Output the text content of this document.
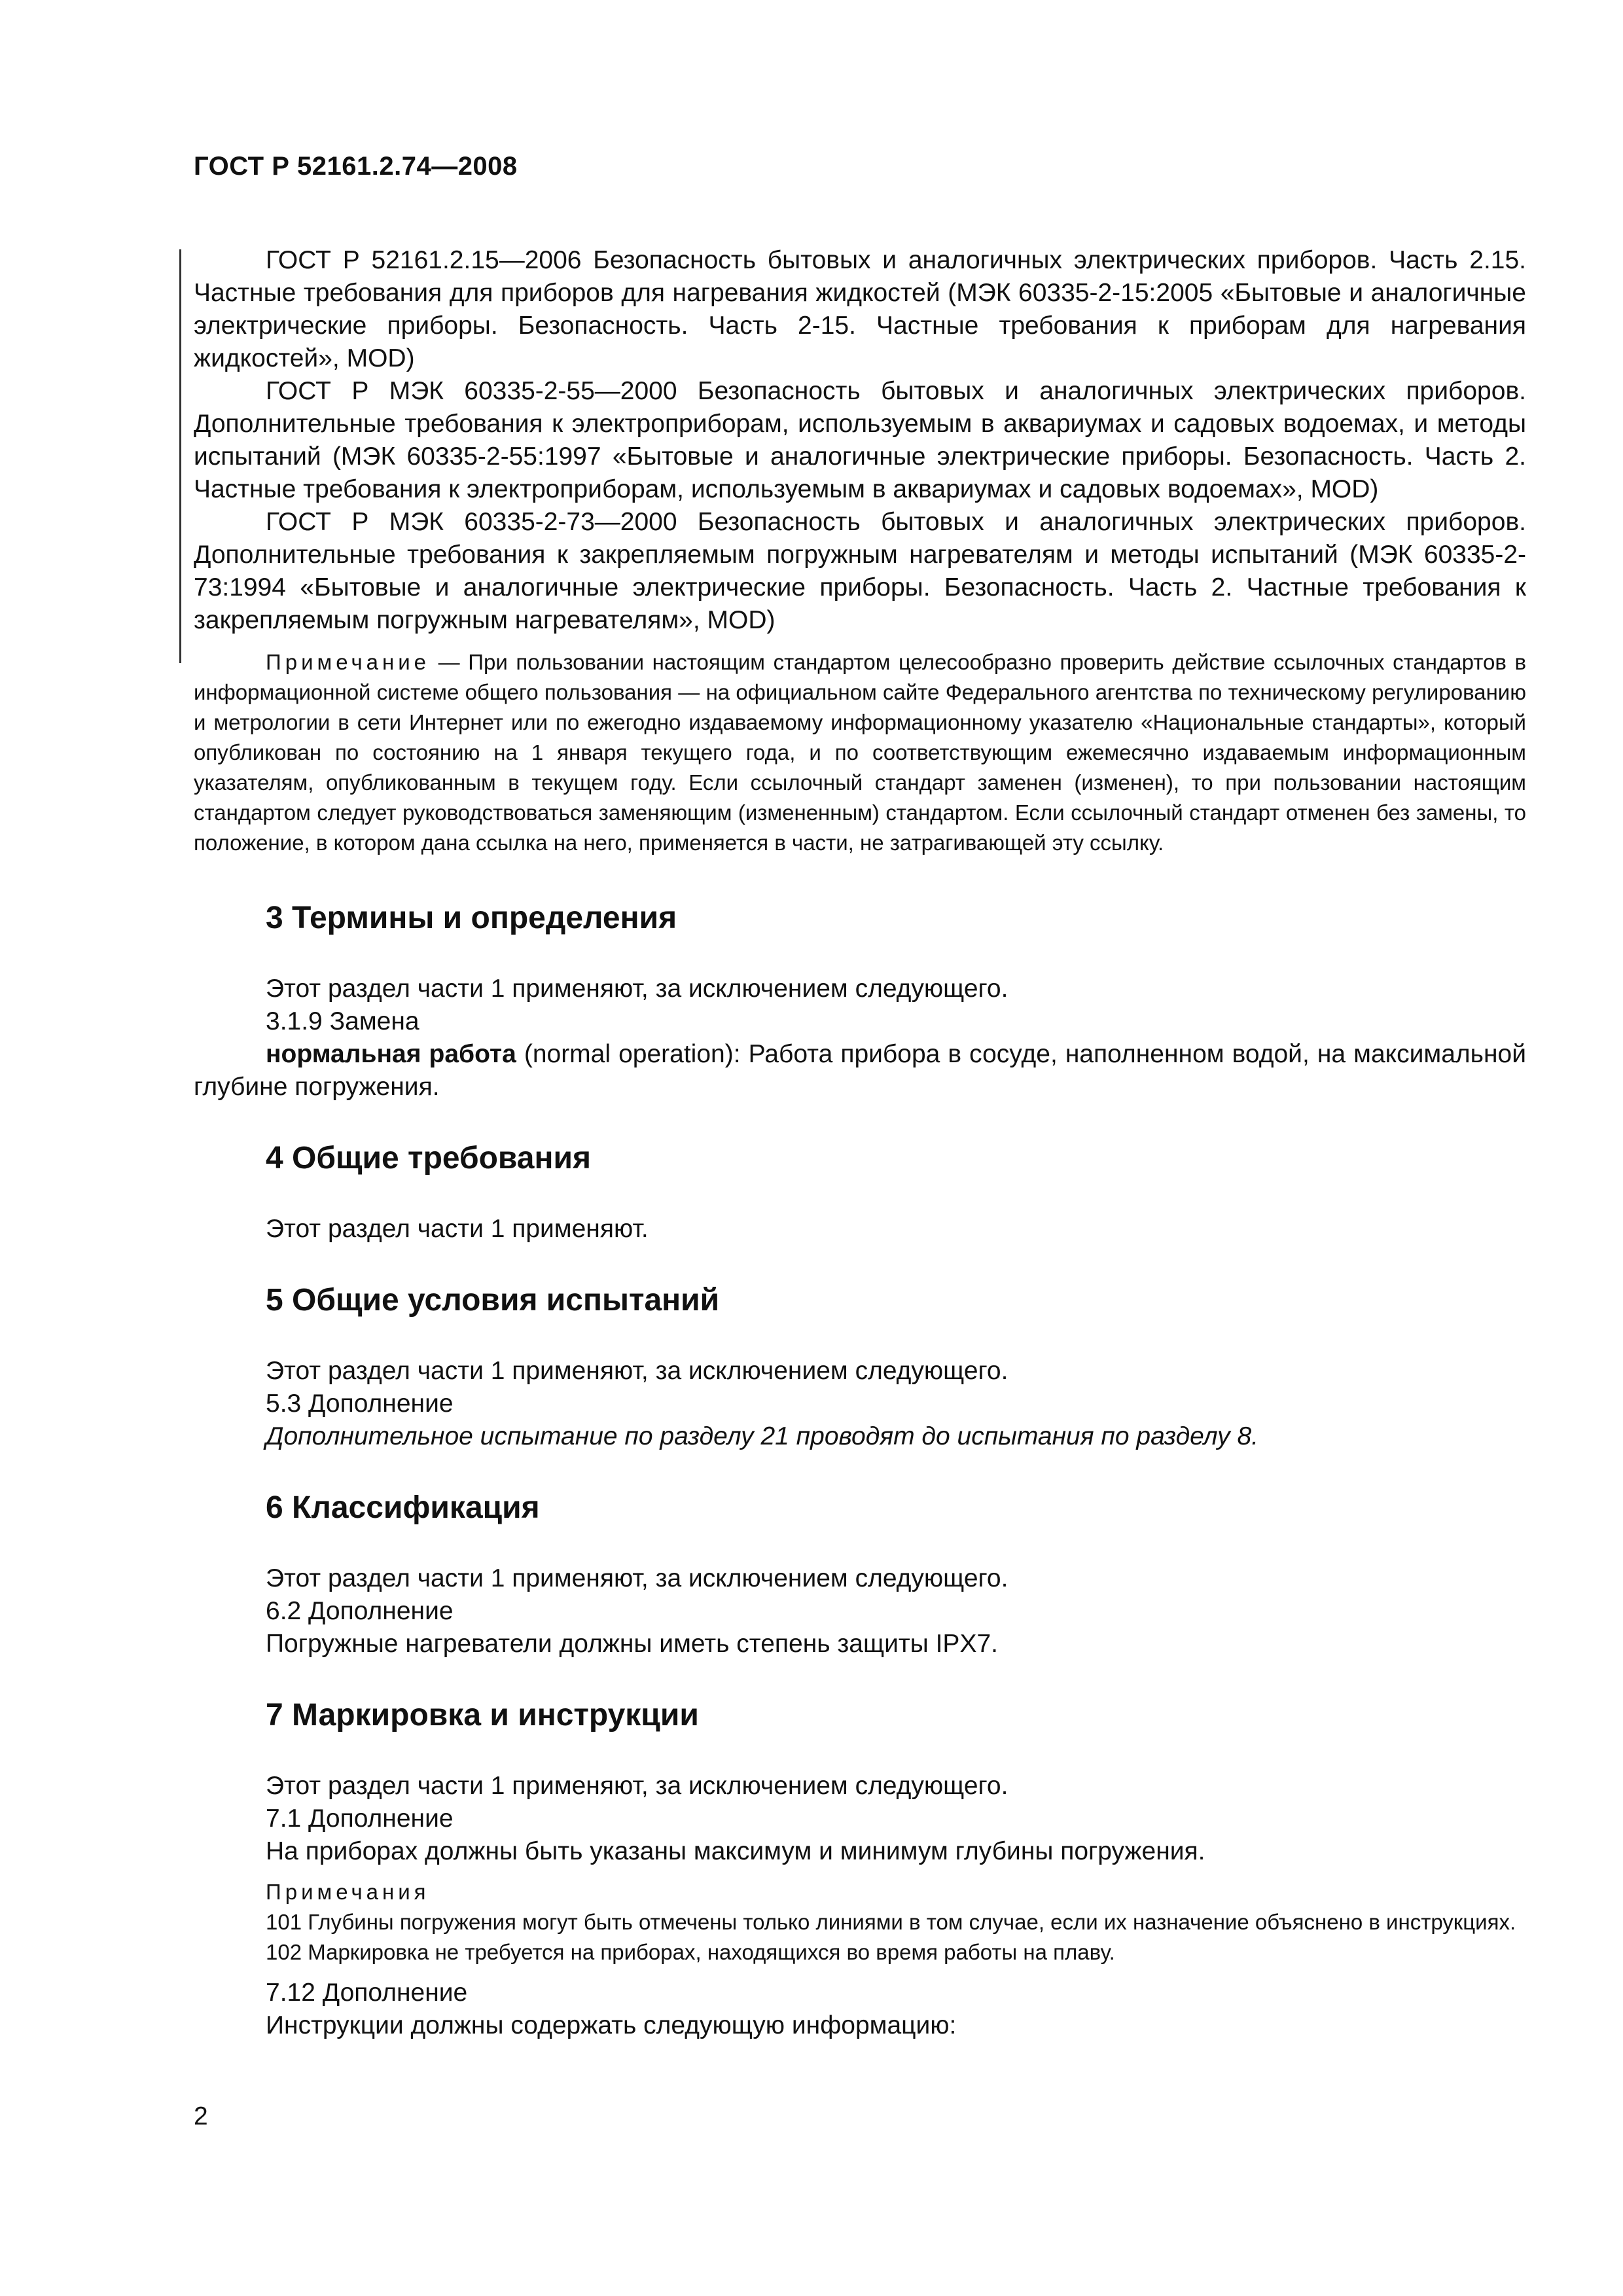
ГОСТ Р 52161.2.74—2008

ГОСТ Р 52161.2.15—2006 Безопасность бытовых и аналогичных электрических приборов. Часть 2.15. Частные требования для приборов для нагревания жидкостей (МЭК 60335-2-15:2005 «Бытовые и аналогичные электрические приборы. Безопасность. Часть 2-15. Частные требования к приборам для нагревания жидкостей», MOD)

ГОСТ Р МЭК 60335-2-55—2000 Безопасность бытовых и аналогичных электрических приборов. Дополнительные требования к электроприборам, используемым в аквариумах и садовых водоемах, и методы испытаний (МЭК 60335-2-55:1997 «Бытовые и аналогичные электрические приборы. Безопасность. Часть 2. Частные требования к электроприборам, используемым в аквариумах и садовых водоемах», MOD)

ГОСТ Р МЭК 60335-2-73—2000 Безопасность бытовых и аналогичных электрических приборов. Дополнительные требования к закрепляемым погружным нагревателям и методы испытаний (МЭК 60335-2-73:1994 «Бытовые и аналогичные электрические приборы. Безопасность. Часть 2. Частные требования к закрепляемым погружным нагревателям», MOD)

Примечание — При пользовании настоящим стандартом целесообразно проверить действие ссылочных стандартов в информационной системе общего пользования — на официальном сайте Федерального агентства по техническому регулированию и метрологии в сети Интернет или по ежегодно издаваемому информационному указателю «Национальные стандарты», который опубликован по состоянию на 1 января текущего года, и по соответствующим ежемесячно издаваемым информационным указателям, опубликованным в текущем году. Если ссылочный стандарт заменен (изменен), то при пользовании настоящим стандартом следует руководствоваться заменяющим (измененным) стандартом. Если ссылочный стандарт отменен без замены, то положение, в котором дана ссылка на него, применяется в части, не затрагивающей эту ссылку.

3 Термины и определения

Этот раздел части 1 применяют, за исключением следующего.

3.1.9 Замена

нормальная работа (normal operation): Работа прибора в сосуде, наполненном водой, на максимальной глубине погружения.

4 Общие требования

Этот раздел части 1 применяют.

5 Общие условия испытаний

Этот раздел части 1 применяют, за исключением следующего.

5.3 Дополнение

Дополнительное испытание по разделу 21 проводят до испытания по разделу 8.

6 Классификация

Этот раздел части 1 применяют, за исключением следующего.

6.2 Дополнение

Погружные нагреватели должны иметь степень защиты IPX7.

7 Маркировка и инструкции

Этот раздел части 1 применяют, за исключением следующего.

7.1 Дополнение

На приборах должны быть указаны максимум и минимум глубины погружения.

Примечания

101 Глубины погружения могут быть отмечены только линиями в том случае, если их назначение объяснено в инструкциях.

102 Маркировка не требуется на приборах, находящихся во время работы на плаву.

7.12 Дополнение

Инструкции должны содержать следующую информацию:

2
